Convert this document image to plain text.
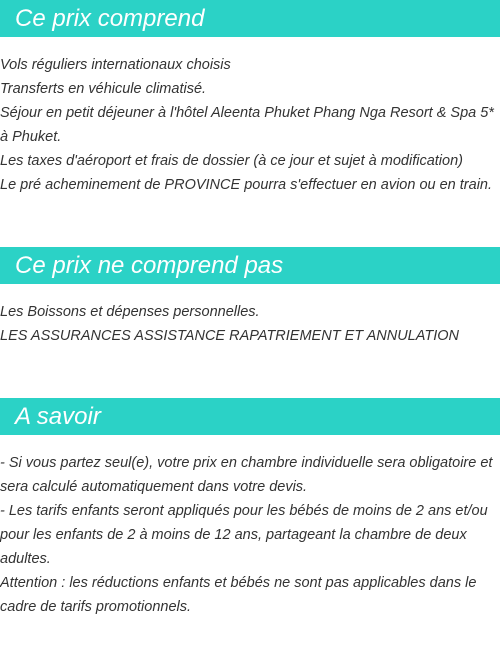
Ce prix comprend
Vols réguliers internationaux choisis
Transferts en véhicule climatisé.
Séjour en petit déjeuner à l'hôtel Aleenta Phuket Phang Nga Resort & Spa 5* à Phuket.
Les taxes d'aéroport et frais de dossier (à ce jour et sujet à modification)
Le pré acheminement de PROVINCE pourra s'effectuer en avion ou en train.
Ce prix ne comprend pas
Les Boissons et dépenses personnelles.
LES ASSURANCES ASSISTANCE RAPATRIEMENT ET ANNULATION
A savoir
- Si vous partez seul(e), votre prix en chambre individuelle sera obligatoire et sera calculé automatiquement dans votre devis.
- Les tarifs enfants seront appliqués pour les bébés de moins de 2 ans et/ou pour les enfants de 2 à moins de 12 ans, partageant la chambre de deux adultes.
Attention : les réductions enfants et bébés ne sont pas applicables dans le cadre de tarifs promotionnels.
